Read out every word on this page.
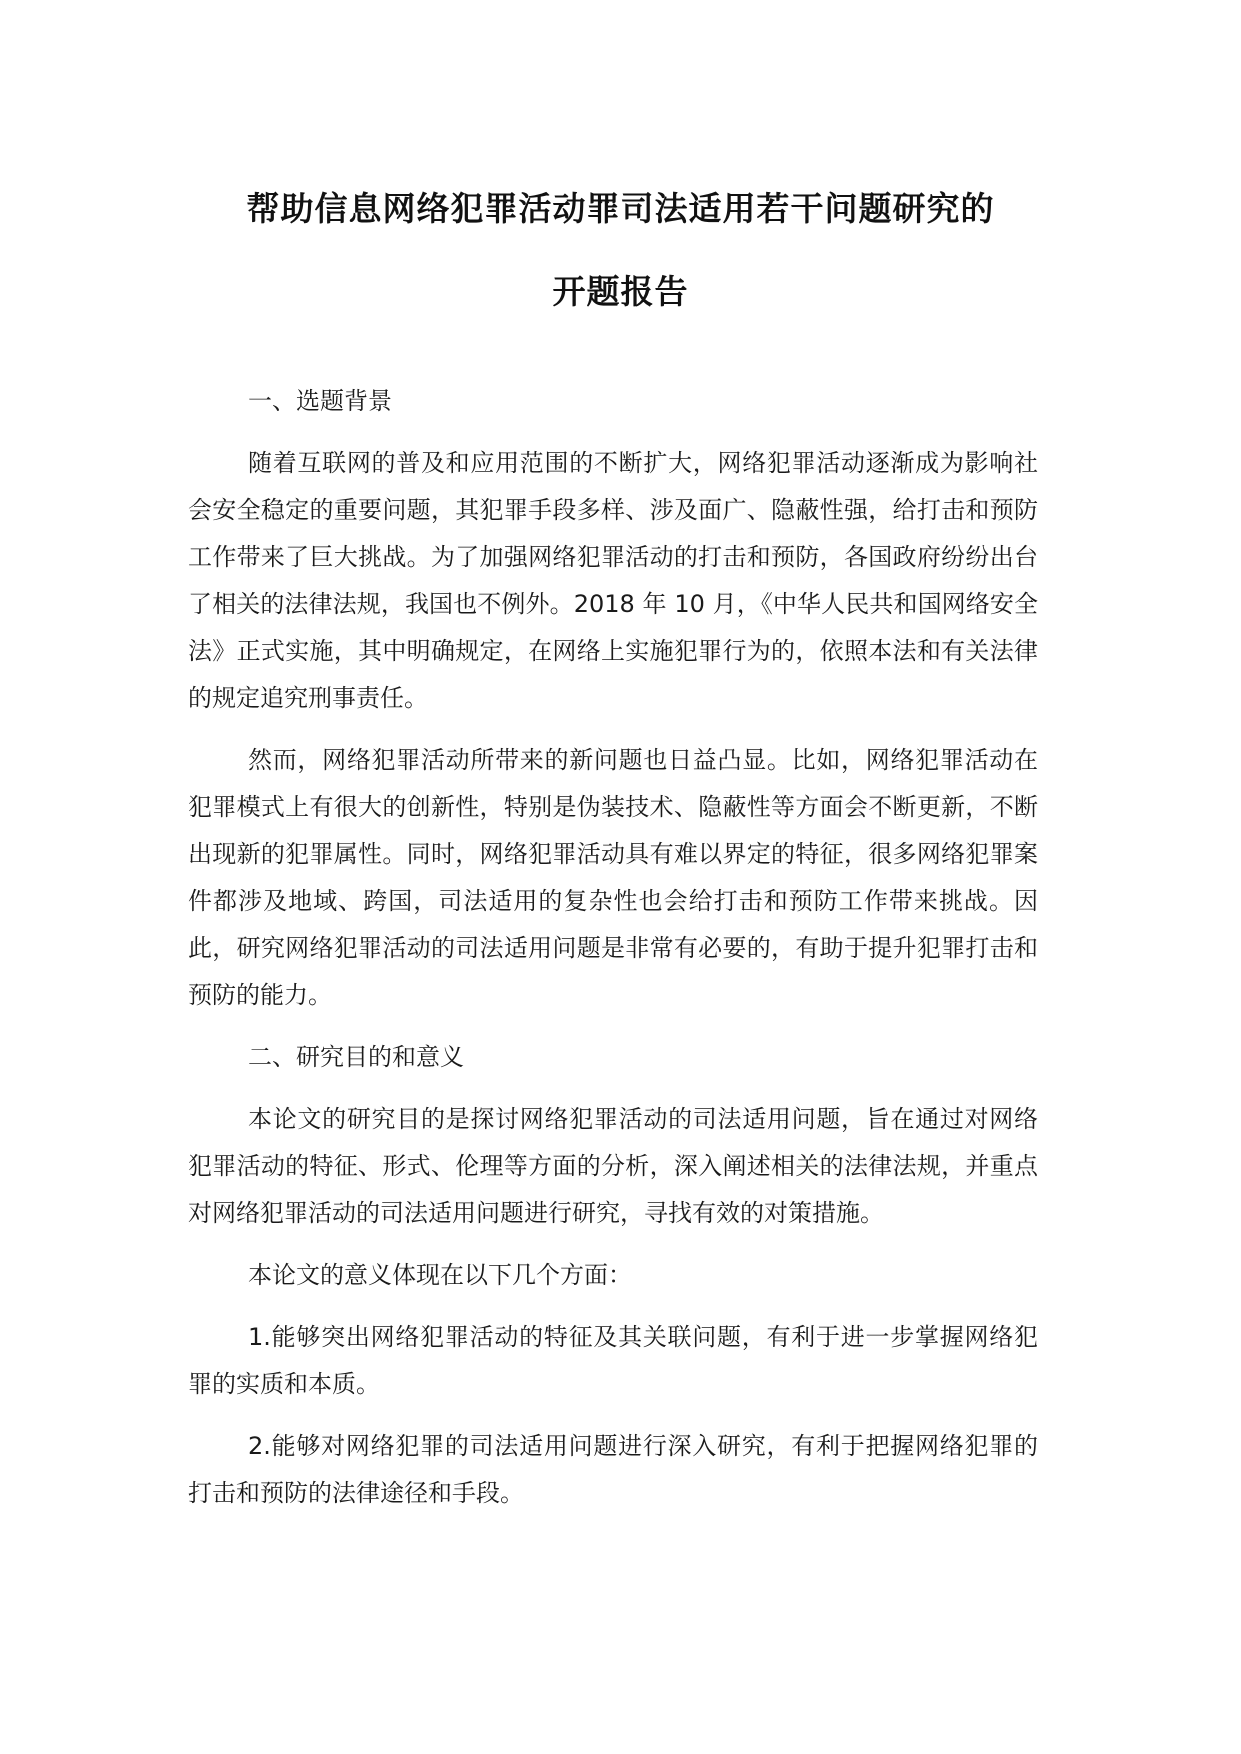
帮助信息网络犯罪活动罪司法适用若干问题研究的
开题报告

一、选题背景

随着互联网的普及和应用范围的不断扩大，网络犯罪活动逐渐成为影响社会安全稳定的重要问题，其犯罪手段多样、涉及面广、隐蔽性强，给打击和预防工作带来了巨大挑战。为了加强网络犯罪活动的打击和预防，各国政府纷纷出台了相关的法律法规，我国也不例外。2018 年 10 月，《中华人民共和国网络安全法》正式实施，其中明确规定，在网络上实施犯罪行为的，依照本法和有关法律的规定追究刑事责任。

然而，网络犯罪活动所带来的新问题也日益凸显。比如，网络犯罪活动在犯罪模式上有很大的创新性，特别是伪装技术、隐蔽性等方面会不断更新，不断出现新的犯罪属性。同时，网络犯罪活动具有难以界定的特征，很多网络犯罪案件都涉及地域、跨国，司法适用的复杂性也会给打击和预防工作带来挑战。因此，研究网络犯罪活动的司法适用问题是非常有必要的，有助于提升犯罪打击和预防的能力。

二、研究目的和意义

本论文的研究目的是探讨网络犯罪活动的司法适用问题，旨在通过对网络犯罪活动的特征、形式、伦理等方面的分析，深入阐述相关的法律法规，并重点对网络犯罪活动的司法适用问题进行研究，寻找有效的对策措施。

本论文的意义体现在以下几个方面：

1.能够突出网络犯罪活动的特征及其关联问题，有利于进一步掌握网络犯罪的实质和本质。

2.能够对网络犯罪的司法适用问题进行深入研究，有利于把握网络犯罪的打击和预防的法律途径和手段。
